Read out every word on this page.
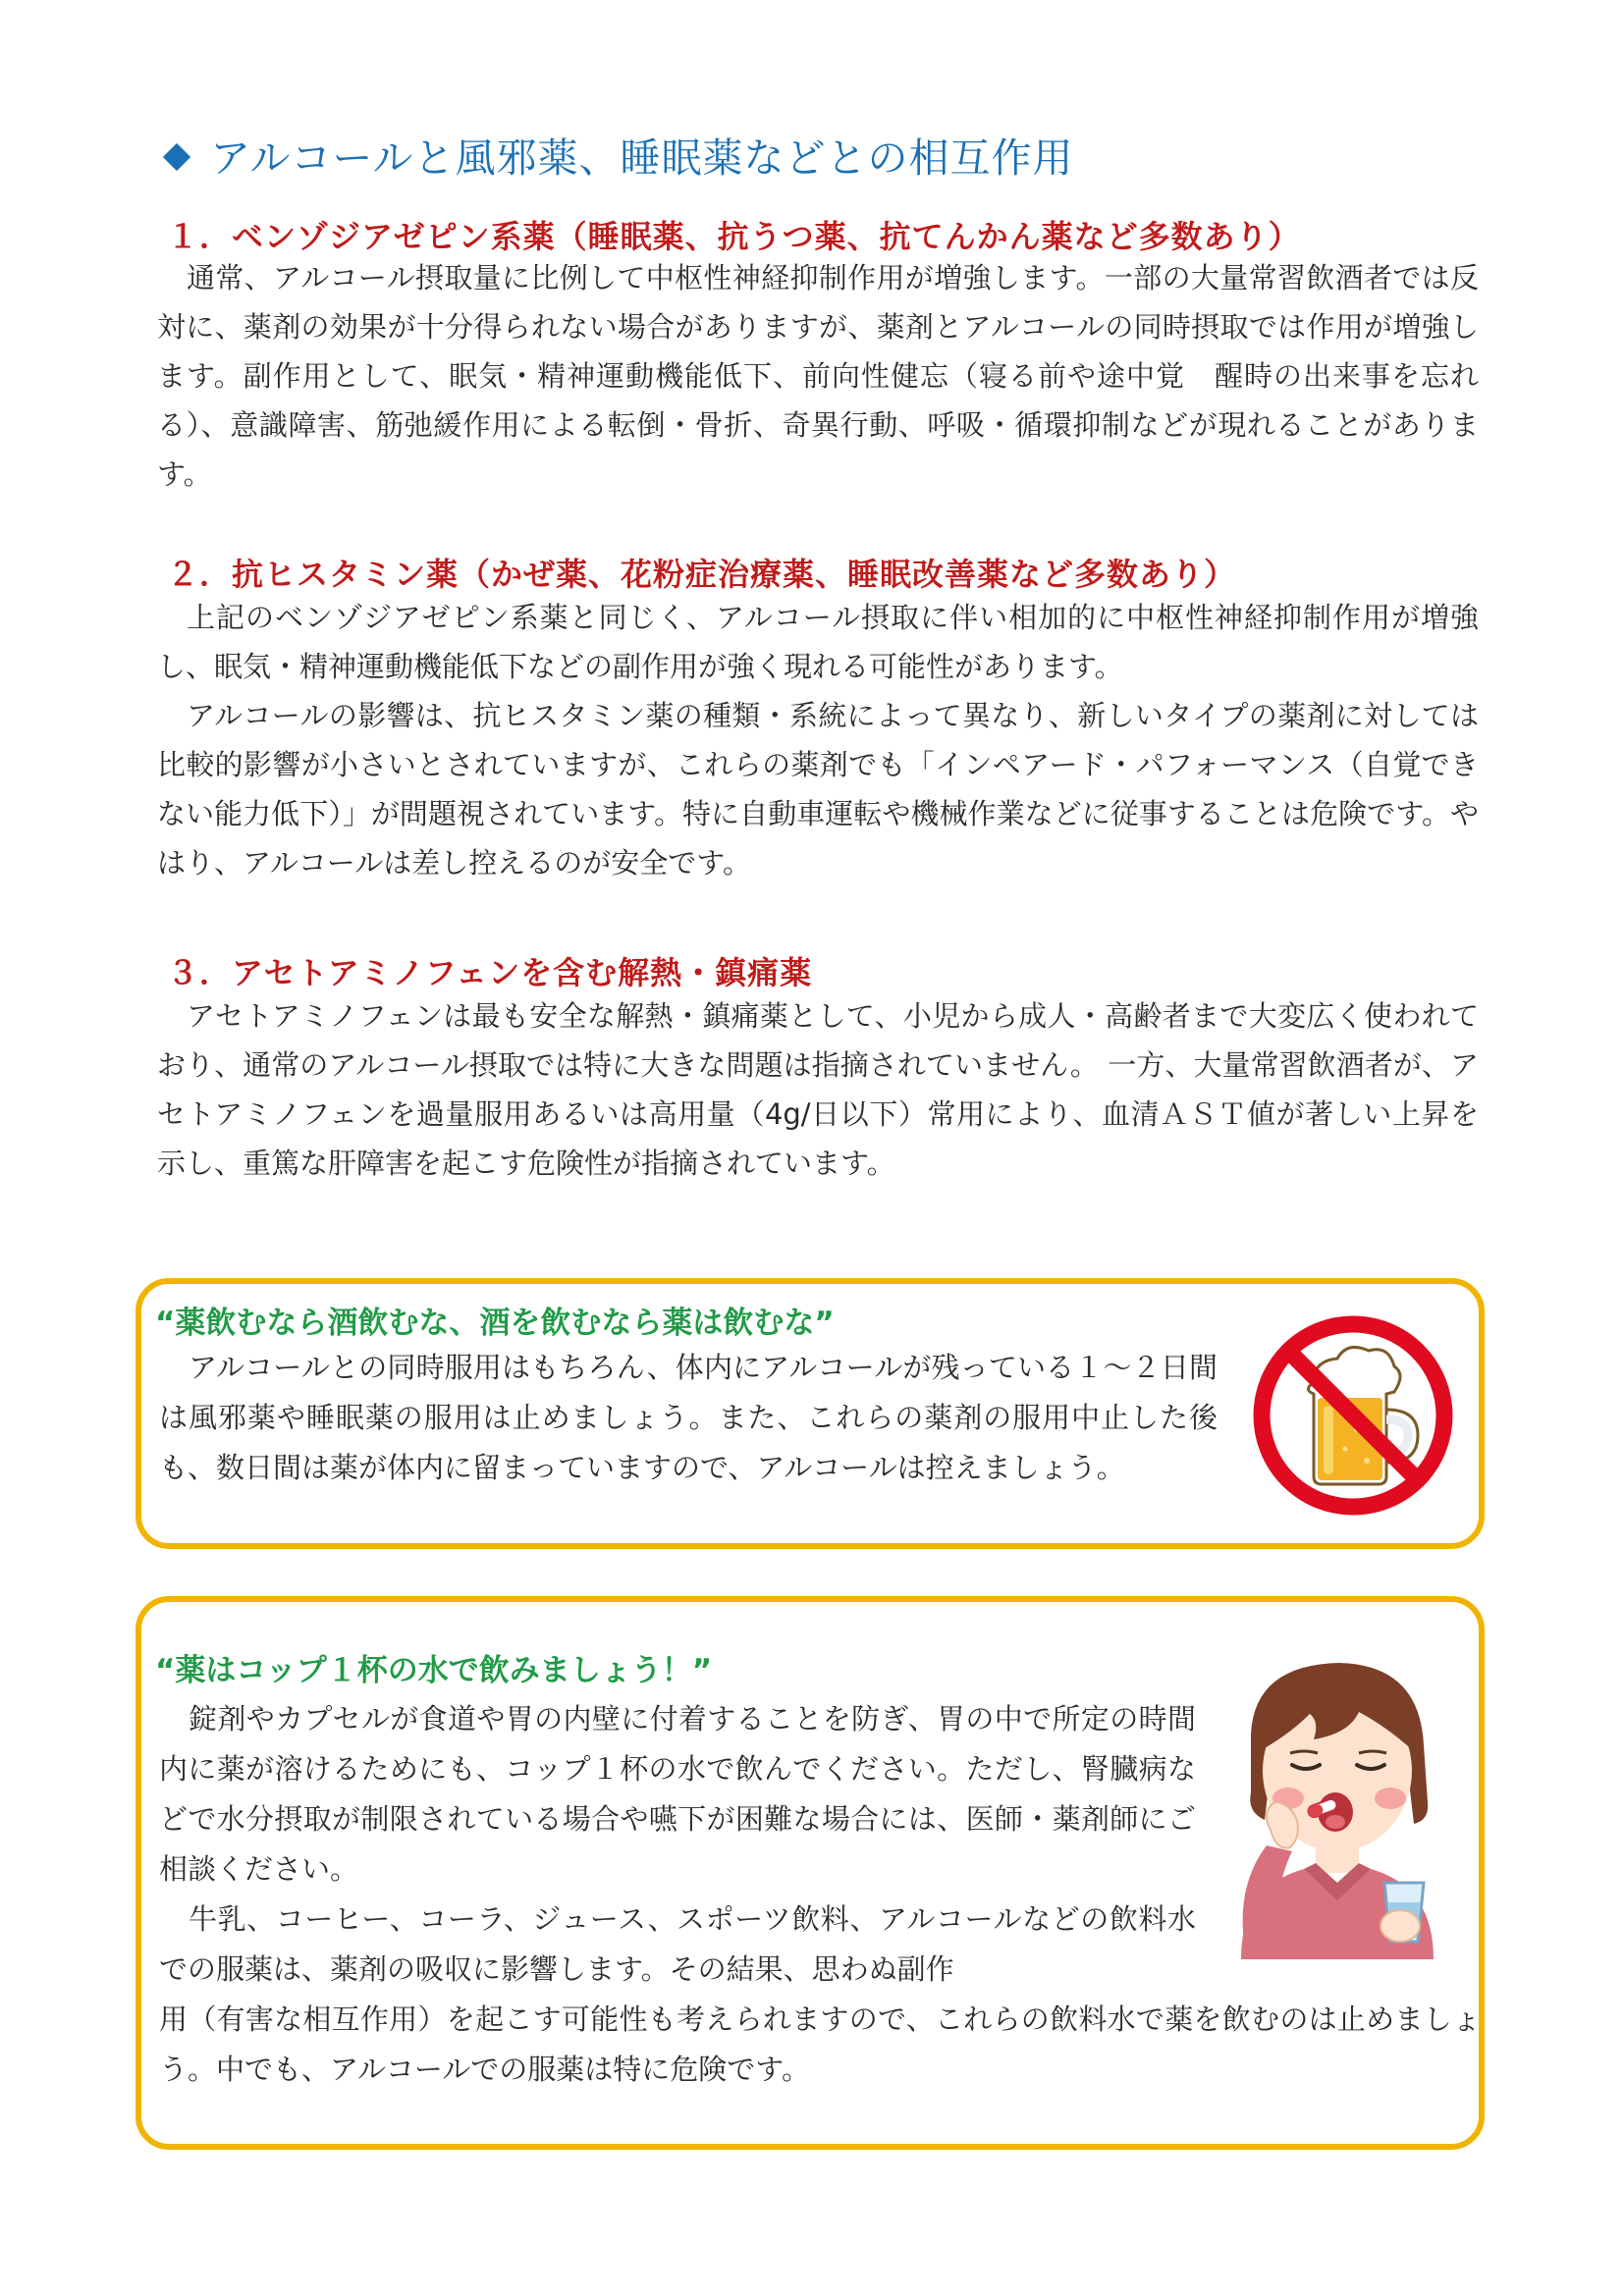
アルコールと風邪薬、睡眠薬などとの相互作用
１．ベンゾジアゼピン系薬（睡眠薬、抗うつ薬、抗てんかん薬など多数あり）

通常、アルコール摂取量に比例して中枢性神経抑制作用が増強します。一部の大量常習飲酒者では反対に、薬剤の効果が十分得られない場合がありますが、薬剤とアルコールの同時摂取では作用が増強します。副作用として、眠気・精神運動機能低下、前向性健忘（寝る前や途中覚　醒時の出来事を忘れる）、意識障害、筋弛緩作用による転倒・骨折、奇異行動、呼吸・循環抑制などが現れることがあります。

２．抗ヒスタミン薬（かぜ薬、花粉症治療薬、睡眠改善薬など多数あり）

上記のベンゾジアゼピン系薬と同じく、アルコール摂取に伴い相加的に中枢性神経抑制作用が増強し、眠気・精神運動機能低下などの副作用が強く現れる可能性があります。

アルコールの影響は、抗ヒスタミン薬の種類・系統によって異なり、新しいタイプの薬剤に対しては比較的影響が小さいとされていますが、これらの薬剤でも「インペアード・パフォーマンス（自覚できない能力低下）」が問題視されています。特に自動車運転や機械作業などに従事することは危険です。やはり、アルコールは差し控えるのが安全です。

３．アセトアミノフェンを含む解熱・鎮痛薬

アセトアミノフェンは最も安全な解熱・鎮痛薬として、小児から成人・高齢者まで大変広く使われており、通常のアルコール摂取では特に大きな問題は指摘されていません。 一方、大量常習飲酒者が、アセトアミノフェンを過量服用あるいは高用量（4g/日以下）常用により、血清ＡＳＴ値が著しい上昇を示し、重篤な肝障害を起こす危険性が指摘されています。

“薬飲むなら酒飲むな、酒を飲むなら薬は飲むな”

アルコールとの同時服用はもちろん、体内にアルコールが残っている１～２日間は風邪薬や睡眠薬の服用は止めましょう。また、これらの薬剤の服用中止した後も、数日間は薬が体内に留まっていますので、アルコールは控えましょう。

“薬はコップ１杯の水で飲みましょう！”

錠剤やカプセルが食道や胃の内壁に付着することを防ぎ、胃の中で所定の時間内に薬が溶けるためにも、コップ１杯の水で飲んでください。ただし、腎臓病などで水分摂取が制限されている場合や嚥下が困難な場合には、医師・薬剤師にご相談ください。

牛乳、コーヒー、コーラ、ジュース、スポーツ飲料、アルコールなどの飲料水での服薬は、薬剤の吸収に影響します。その結果、思わぬ副作

用（有害な相互作用）を起こす可能性も考えられますので、これらの飲料水で薬を飲むのは止めましょう。中でも、アルコールでの服薬は特に危険です。
